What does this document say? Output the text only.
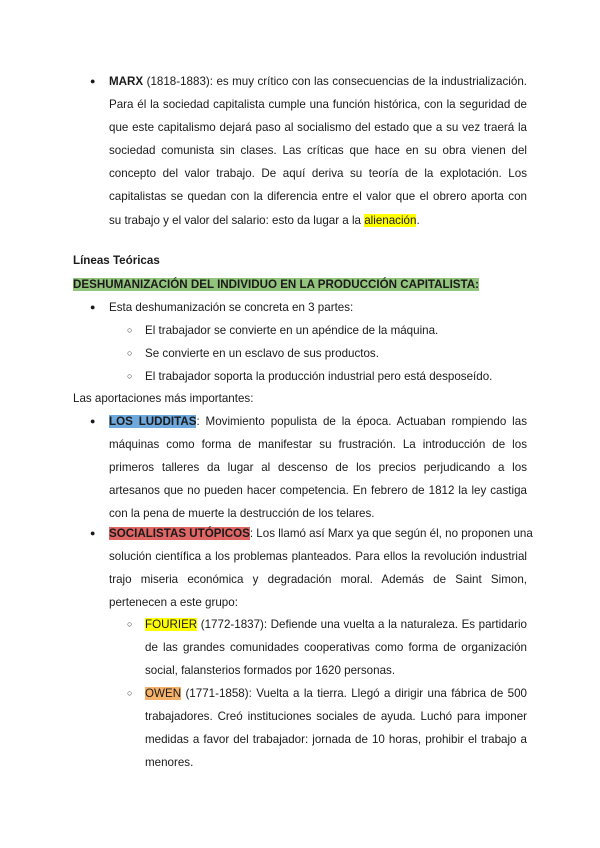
● MARX (1818-1883): es muy crítico con las consecuencias de la industrialización.
Para él la sociedad capitalista cumple una función histórica, con la seguridad de
que este capitalismo dejará paso al socialismo del estado que a su vez traerá la
sociedad comunista sin clases. Las críticas que hace en su obra vienen del
concepto del valor trabajo. De aquí deriva su teoría de la explotación. Los
capitalistas se quedan con la diferencia entre el valor que el obrero aporta con
su trabajo y el valor del salario: esto da lugar a la alienación.
Líneas Teóricas
DESHUMANIZACIÓN DEL INDIVIDUO EN LA PRODUCCIÓN CAPITALISTA:
● Esta deshumanización se concreta en 3 partes:
○ El trabajador se convierte en un apéndice de la máquina.
○ Se convierte en un esclavo de sus productos.
○ El trabajador soporta la producción industrial pero está desposeído.
Las aportaciones más importantes:
● LOS LUDDITAS: Movimiento populista de la época. Actuaban rompiendo las
máquinas como forma de manifestar su frustración. La introducción de los
primeros talleres da lugar al descenso de los precios perjudicando a los
artesanos que no pueden hacer competencia. En febrero de 1812 la ley castiga
con la pena de muerte la destrucción de los telares.
● SOCIALISTAS UTÓPICOS: Los llamó así Marx ya que según él, no proponen una
solución científica a los problemas planteados. Para ellos la revolución industrial
trajo miseria económica y degradación moral. Además de Saint Simon,
pertenecen a este grupo:
○ FOURIER (1772-1837): Defiende una vuelta a la naturaleza. Es partidario
de las grandes comunidades cooperativas como forma de organización
social, falansterios formados por 1620 personas.
○ OWEN (1771-1858): Vuelta a la tierra. Llegó a dirigir una fábrica de 500
trabajadores. Creó instituciones sociales de ayuda. Luchó para imponer
medidas a favor del trabajador: jornada de 10 horas, prohibir el trabajo a
menores.
